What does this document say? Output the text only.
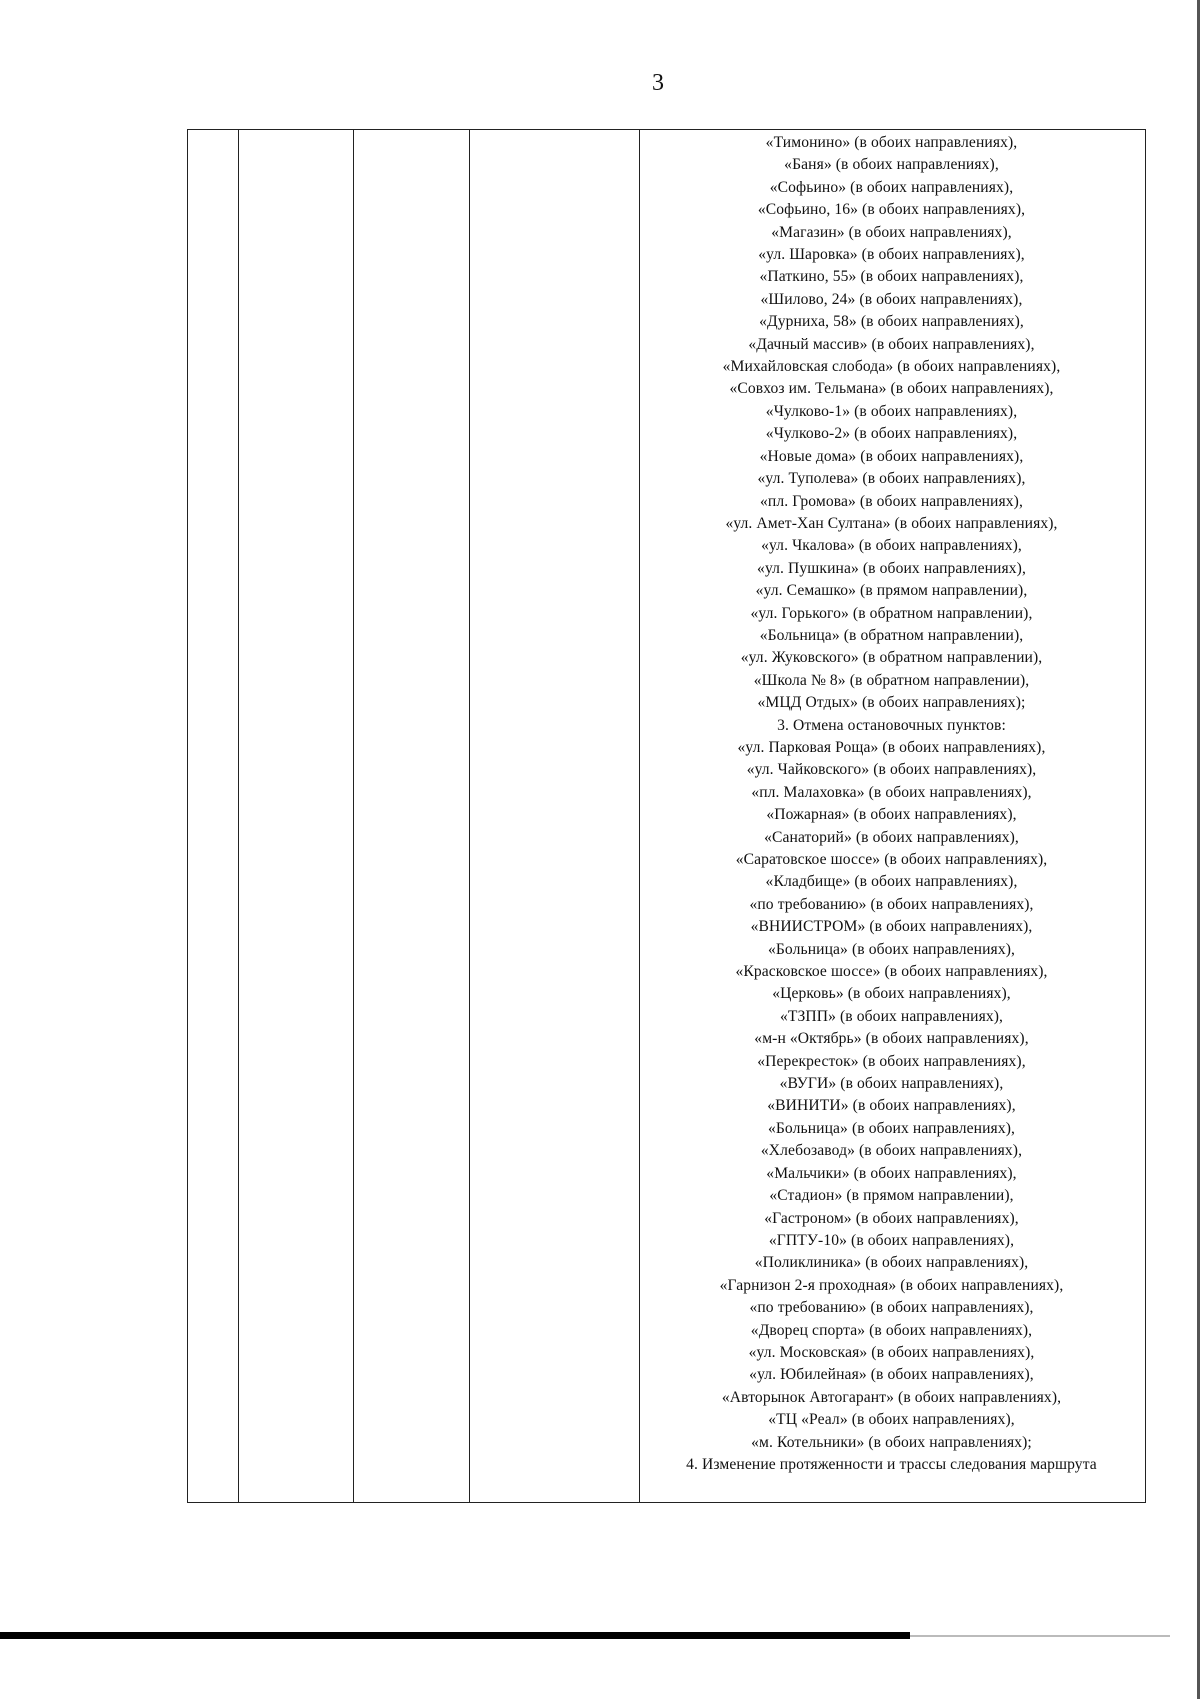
3
«Тимонино» (в обоих направлениях),
«Баня» (в обоих направлениях),
«Софьино» (в обоих направлениях),
«Софьино, 16» (в обоих направлениях),
«Магазин» (в обоих направлениях),
«ул. Шаровка» (в обоих направлениях),
«Паткино, 55» (в обоих направлениях),
«Шилово, 24» (в обоих направлениях),
«Дурниха, 58» (в обоих направлениях),
«Дачный массив» (в обоих направлениях),
«Михайловская слобода» (в обоих направлениях),
«Совхоз им. Тельмана» (в обоих направлениях),
«Чулково-1» (в обоих направлениях),
«Чулково-2» (в обоих направлениях),
«Новые дома» (в обоих направлениях),
«ул. Туполева» (в обоих направлениях),
«пл. Громова» (в обоих направлениях),
«ул. Амет-Хан Султана» (в обоих направлениях),
«ул. Чкалова» (в обоих направлениях),
«ул. Пушкина» (в обоих направлениях),
«ул. Семашко» (в прямом направлении),
«ул. Горького» (в обратном направлении),
«Больница» (в обратном направлении),
«ул. Жуковского» (в обратном направлении),
«Школа № 8» (в обратном направлении),
«МЦД Отдых» (в обоих направлениях);
3. Отмена остановочных пунктов:
«ул. Парковая Роща» (в обоих направлениях),
«ул. Чайковского» (в обоих направлениях),
«пл. Малаховка» (в обоих направлениях),
«Пожарная» (в обоих направлениях),
«Санаторий» (в обоих направлениях),
«Саратовское шоссе» (в обоих направлениях),
«Кладбище» (в обоих направлениях),
«по требованию» (в обоих направлениях),
«ВНИИСТРОМ» (в обоих направлениях),
«Больница» (в обоих направлениях),
«Красковское шоссе» (в обоих направлениях),
«Церковь» (в обоих направлениях),
«ТЗПП» (в обоих направлениях),
«м-н «Октябрь» (в обоих направлениях),
«Перекресток» (в обоих направлениях),
«ВУГИ» (в обоих направлениях),
«ВИНИТИ» (в обоих направлениях),
«Больница» (в обоих направлениях),
«Хлебозавод» (в обоих направлениях),
«Мальчики» (в обоих направлениях),
«Стадион» (в прямом направлении),
«Гастроном» (в обоих направлениях),
«ГПТУ-10» (в обоих направлениях),
«Поликлиника» (в обоих направлениях),
«Гарнизон 2-я проходная» (в обоих направлениях),
«по требованию» (в обоих направлениях),
«Дворец спорта» (в обоих направлениях),
«ул. Московская» (в обоих направлениях),
«ул. Юбилейная» (в обоих направлениях),
«Авторынок Автогарант» (в обоих направлениях),
«ТЦ «Реал» (в обоих направлениях),
«м. Котельники» (в обоих направлениях);
4. Изменение протяженности и трассы следования маршрута
